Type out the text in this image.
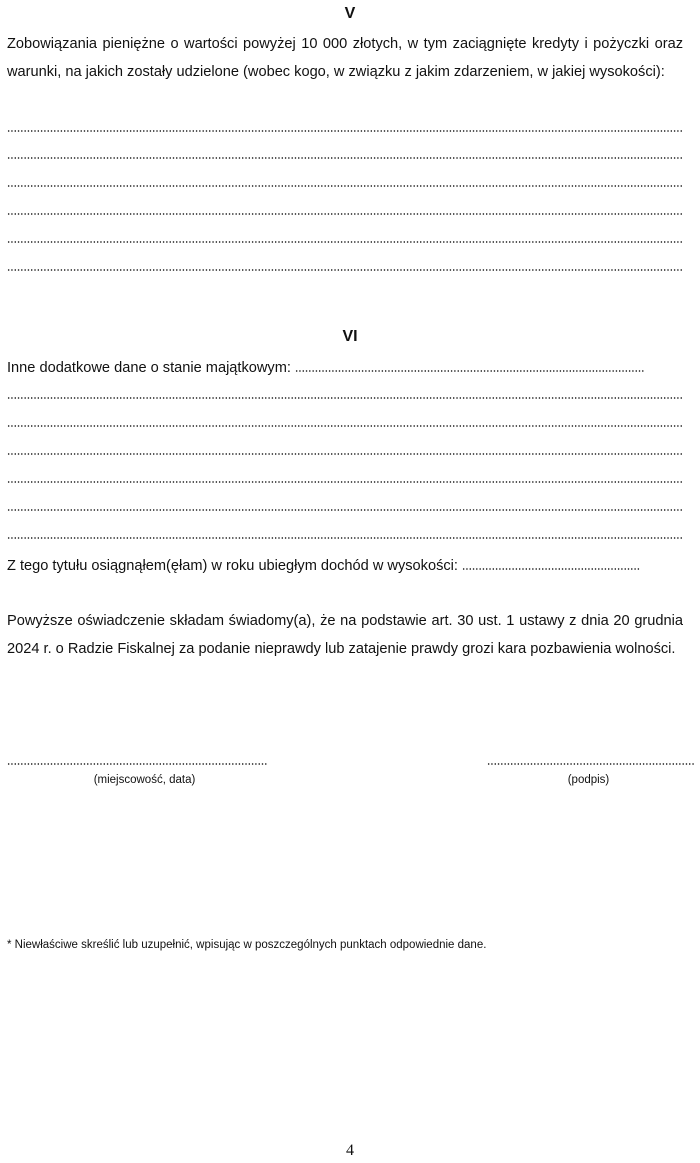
V
Zobowiązania pieniężne o wartości powyżej 10 000 złotych, w tym zaciągnięte kredyty i pożyczki oraz warunki, na jakich zostały udzielone (wobec kogo, w związku z jakim zdarzeniem, w jakiej wysokości):
VI
Inne dodatkowe dane o stanie majątkowym:
Z tego tytułu osiągnąłem(ęłam) w roku ubiegłym dochód w wysokości:
Powyższe oświadczenie składam świadomy(a), że na podstawie art. 30 ust. 1 ustawy z dnia 20 grudnia 2024 r. o Radzie Fiskalnej za podanie nieprawdy lub zatajenie prawdy grozi kara pozbawienia wolności.
(miejscowość, data)	(podpis)
* Niewłaściwe skreślić lub uzupełnić, wpisując w poszczególnych punktach odpowiednie dane.
4
